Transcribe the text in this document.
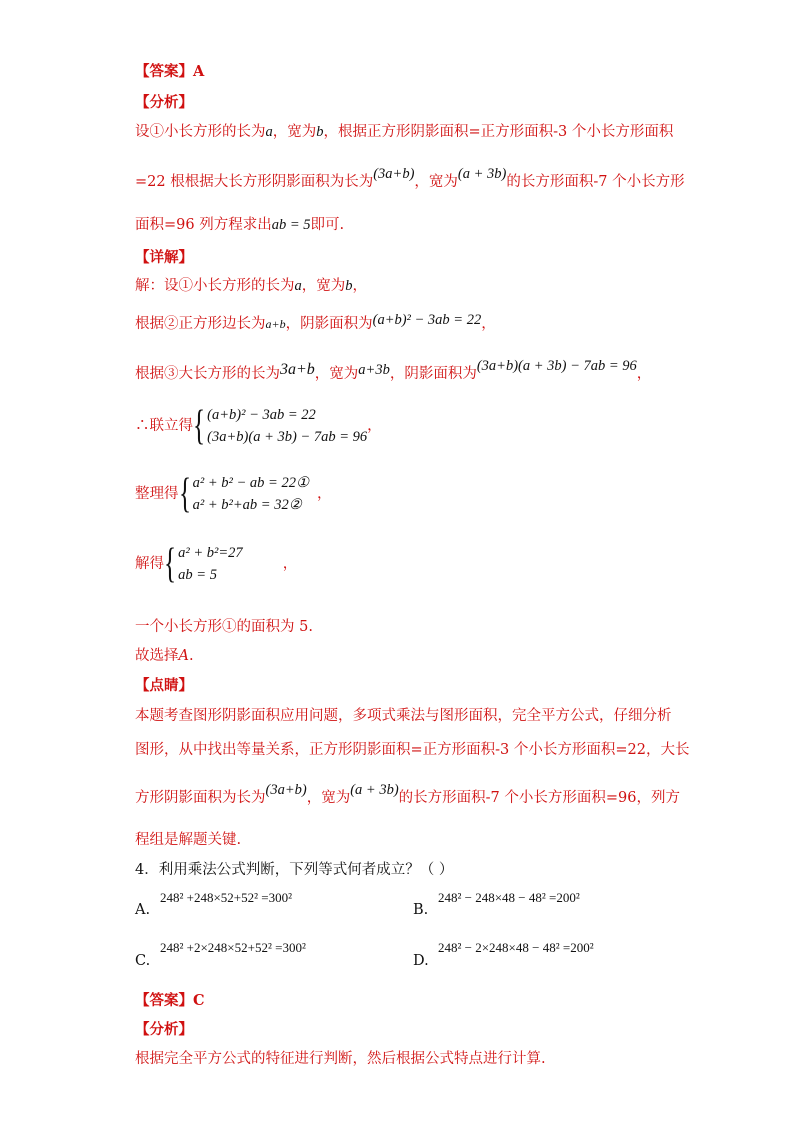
【答案】A
【分析】
设①小长方形的长为a，宽为b，根据正方形阴影面积=正方形面积-3 个小长方形面积
=22 根根据大长方形阴影面积为长为(3a+b)，宽为(a + 3b)的长方形面积-7 个小长方形
面积=96 列方程求出ab = 5即可.
【详解】
解：设①小长方形的长为a，宽为b，
根据②正方形边长为a+b，阴影面积为(a+b)² − 3ab = 22，
根据③大长方形的长为3a+b，宽为a+3b，阴影面积为(3a+b)(a + 3b) − 7ab = 96，
∴联立得{ (a+b)² − 3ab = 22
(3a+b)(a + 3b) − 7ab = 96
，
整理得{ a² + b² − ab = 22①
a² + b²+ab = 32②
，
解得{ a² + b²=27
ab = 5
，
一个小长方形①的面积为 5.
故选择A.
【点睛】
本题考查图形阴影面积应用问题，多项式乘法与图形面积，完全平方公式，仔细分析
图形，从中找出等量关系，正方形阴影面积=正方形面积-3 个小长方形面积=22，大长
方形阴影面积为长为(3a+b)，宽为(a + 3b)的长方形面积-7 个小长方形面积=96，列方
程组是解题关键.
4．利用乘法公式判断，下列等式何者成立？（ ）
A.
248² +248×52+52² =300²
B.
248² − 248×48 − 48² =200²
C.
248² +2×248×52+52² =300²
D.
248² − 2×248×48 − 48² =200²
【答案】C
【分析】
根据完全平方公式的特征进行判断，然后根据公式特点进行计算.
